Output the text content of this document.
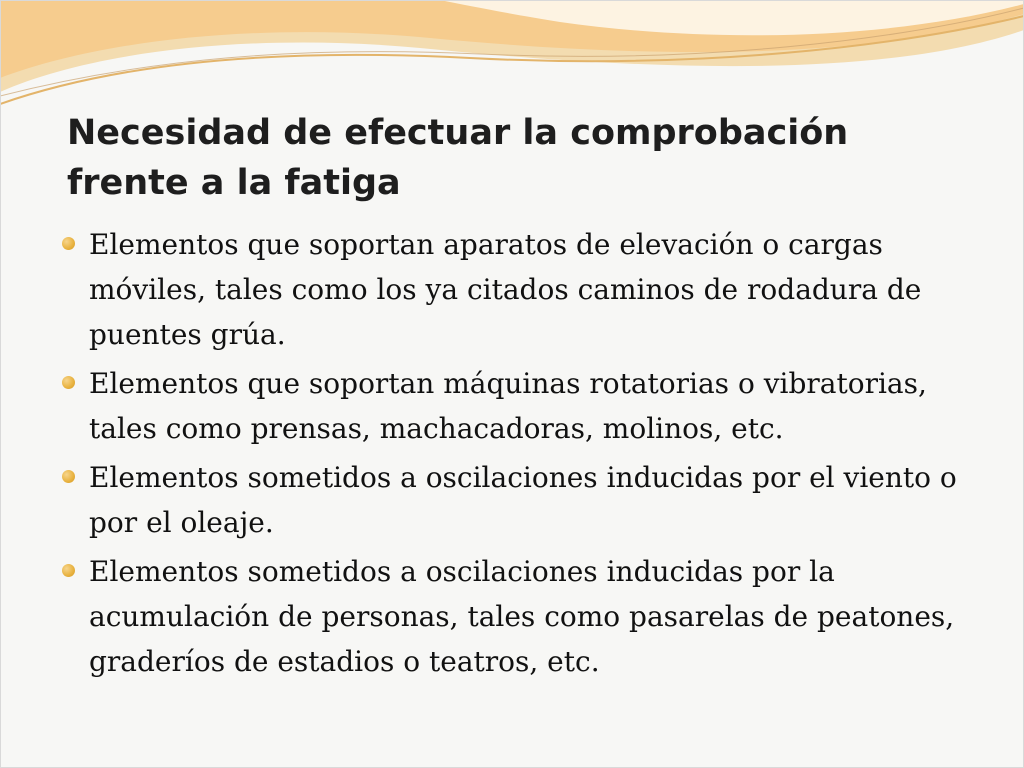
Necesidad de efectuar la comprobación frente a la fatiga
Elementos que soportan aparatos de elevación o cargas móviles, tales como los ya citados caminos de rodadura de puentes grúa.
Elementos que soportan máquinas rotatorias o vibratorias, tales como prensas, machacadoras, molinos, etc.
Elementos sometidos a oscilaciones inducidas por el viento o por el oleaje.
Elementos sometidos a oscilaciones inducidas por la acumulación de personas, tales como pasarelas de peatones, graderíos de estadios o teatros, etc.
